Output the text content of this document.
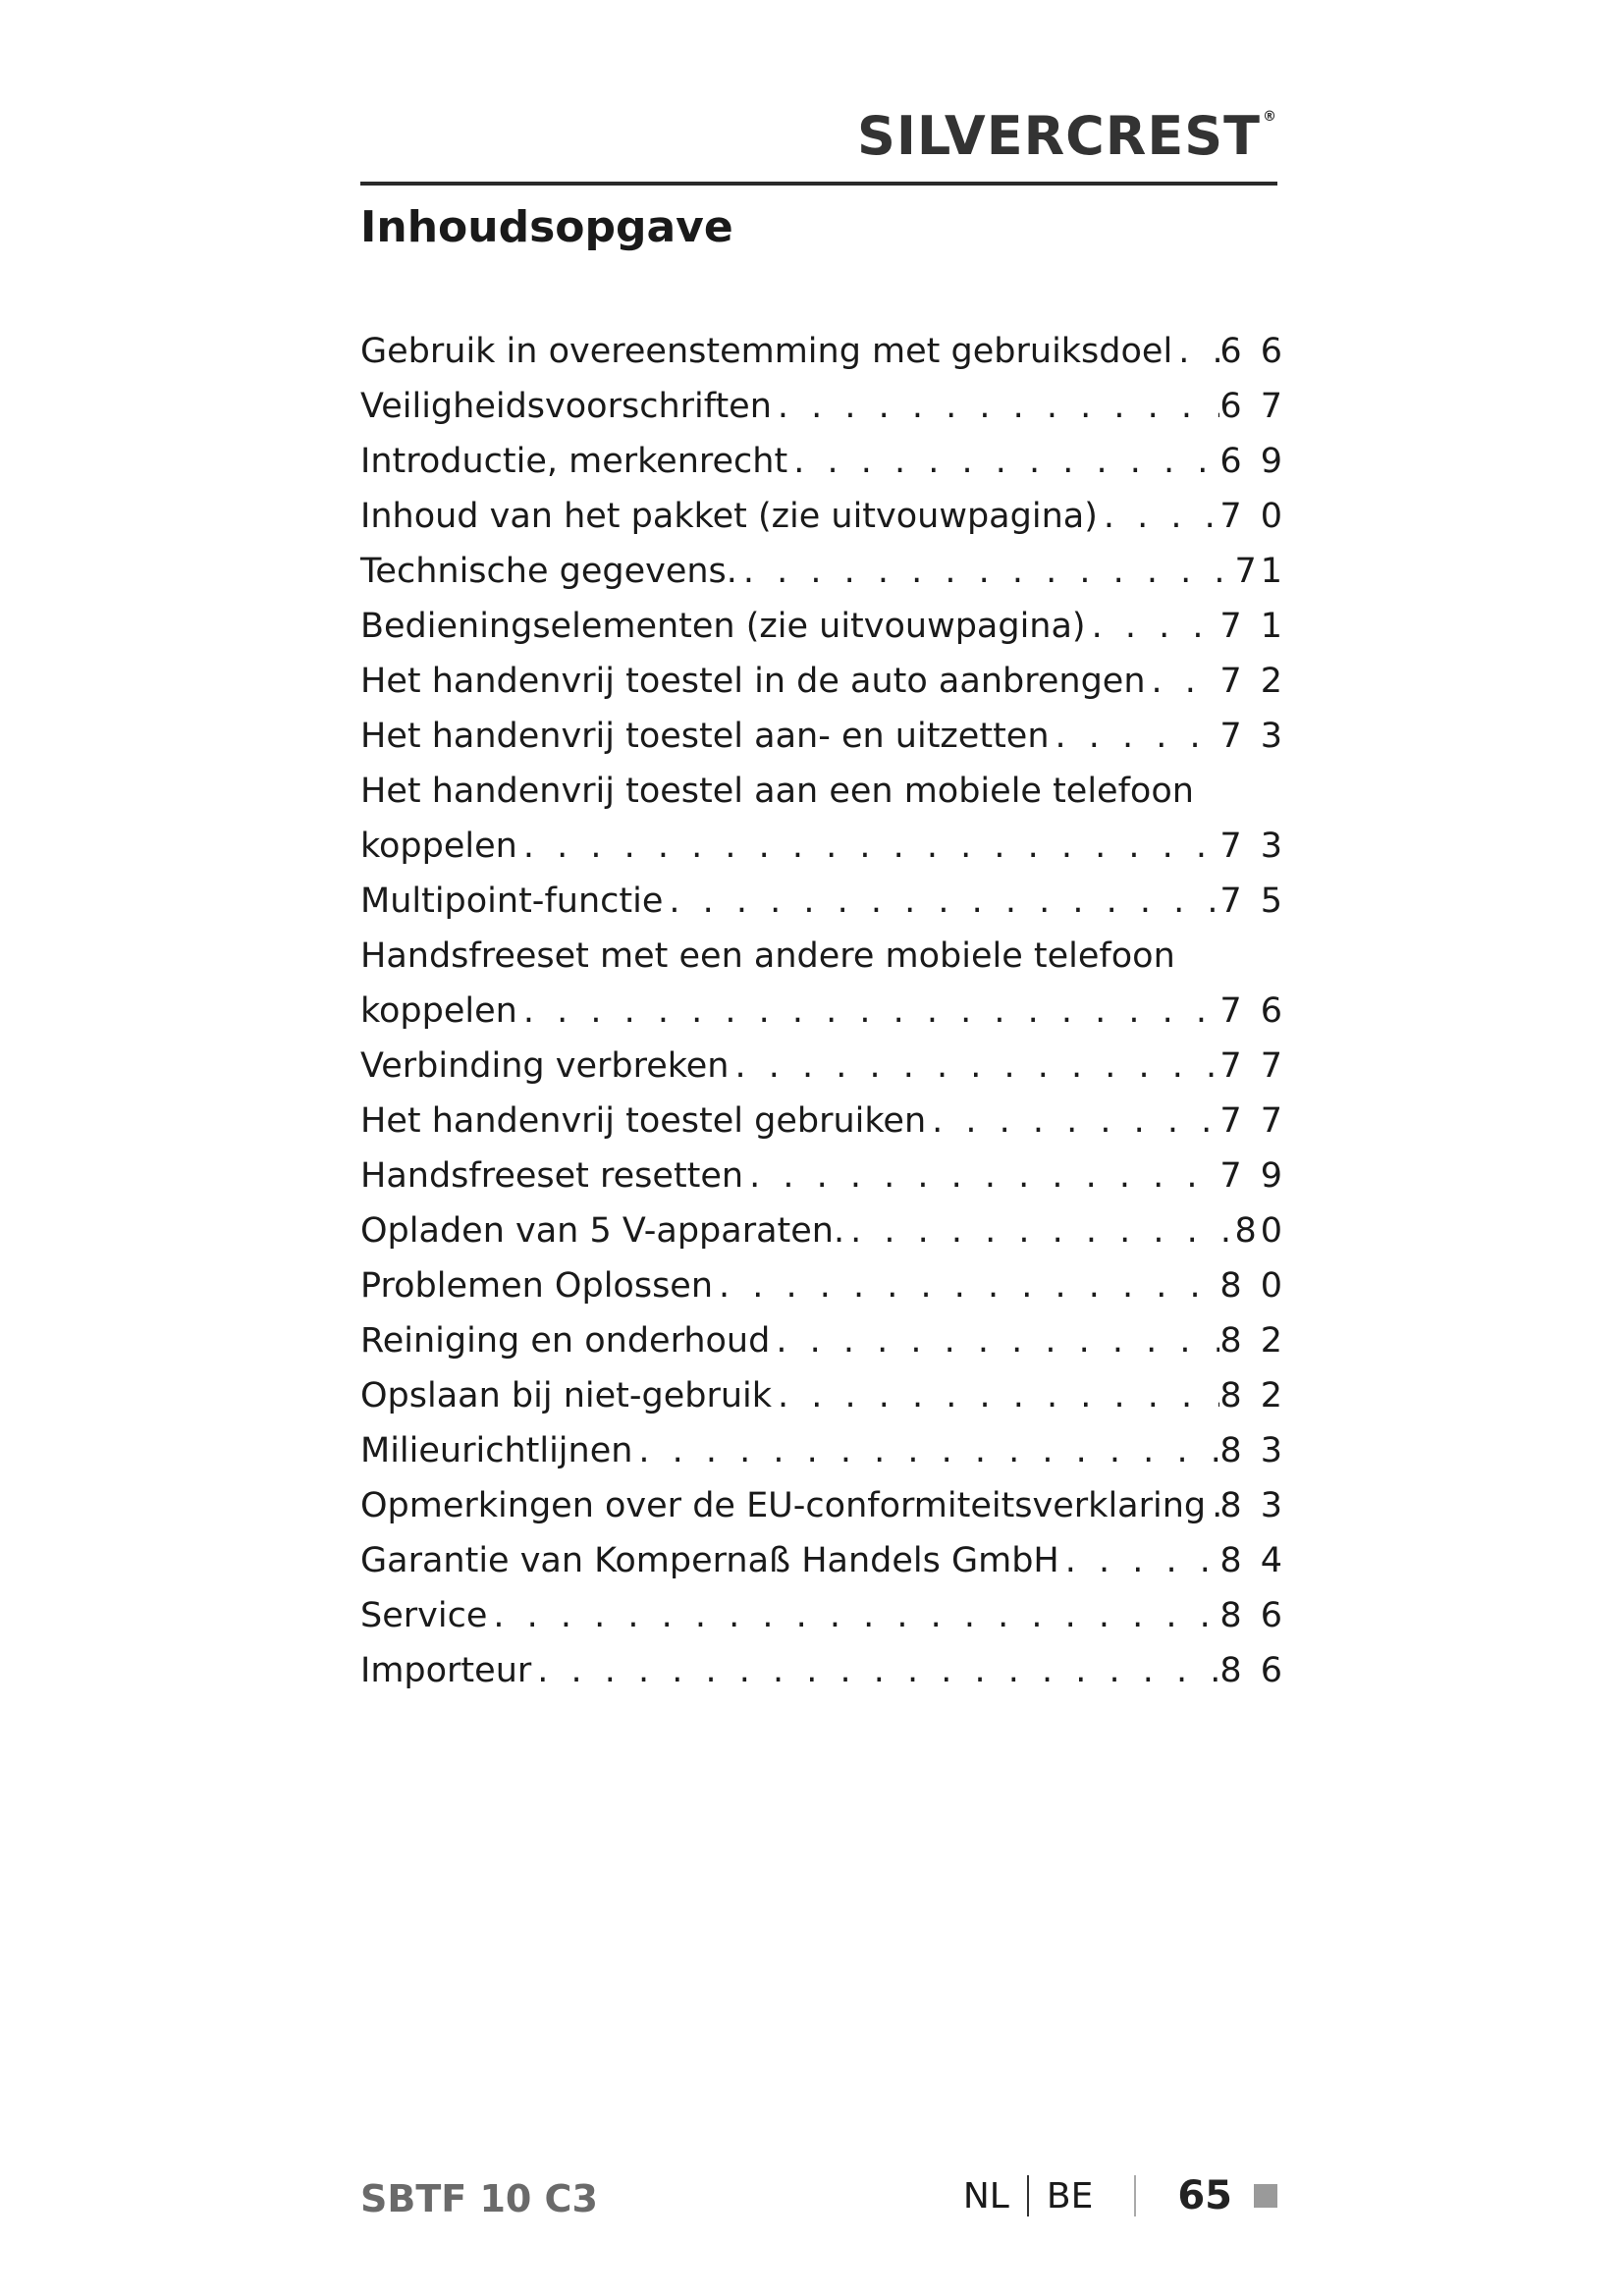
SILVERCREST ®
Inhoudsopgave
Gebruik in overeenstemming met gebruiksdoel . . . 6 6
Veiligheidsvoorschriften . . .	6 7
Introductie, merkenrecht . . .	6 9
Inhoud van het pakket (zie uitvouwpagina) . . .	7 0
Technische gegevens. . . .	71
Bedieningselementen (zie uitvouwpagina) . . .	7 1
Het handenvrij toestel in de auto aanbrengen . . . 7 2
Het handenvrij toestel aan- en uitzetten . . .	7 3
Het handenvrij toestel aan een mobiele telefoon
koppelen . . .	7 3
Multipoint-functie . . .	7 5
Handsfreeset met een andere mobiele telefoon
koppelen . . .	7 6
Verbinding verbreken . . .	7 7
Het handenvrij toestel gebruiken . . .	7 7
Handsfreeset resetten . . .	7 9
Opladen van 5 V-apparaten. . . .	80
Problemen Oplossen . . .	8 0
Reiniging en onderhoud . . .	8 2
Opslaan bij niet-gebruik . . .	8 2
Milieurichtlijnen . . .	8 3
Opmerkingen over de EU-conformiteitsverklaring . . . 8 3
Garantie van Kompernaß Handels GmbH . . .	8 4
Service . . .	8 6
Importeur . . .	8 6
SBTF 10 C3	NL BE 65
